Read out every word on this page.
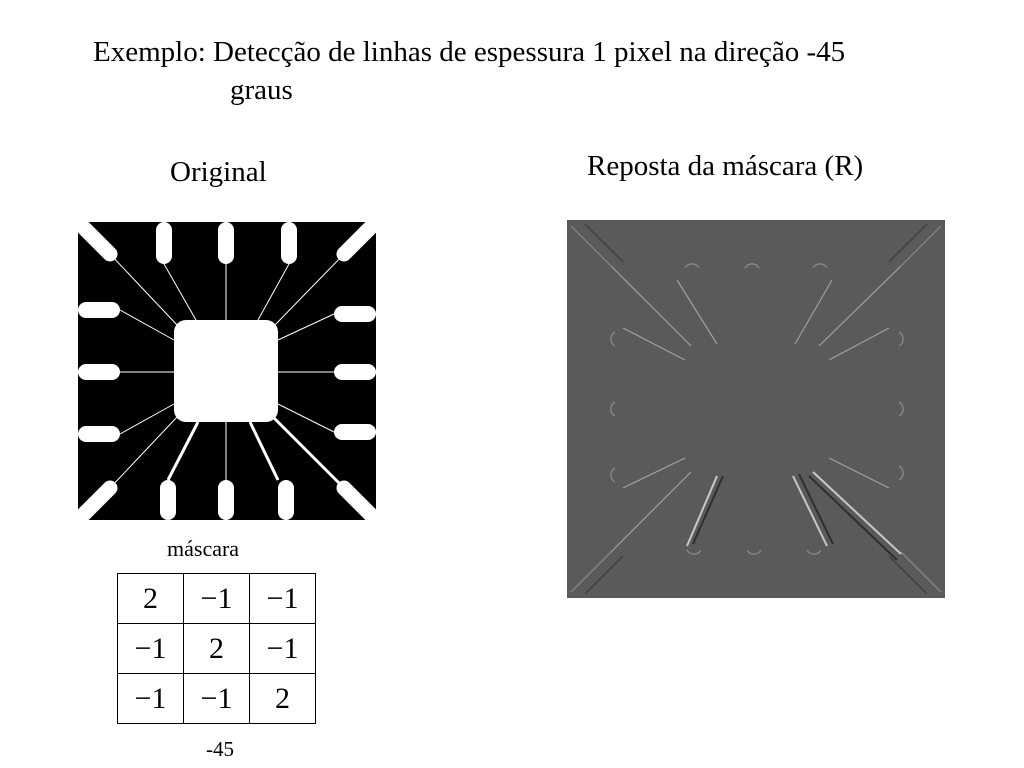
Exemplo: Detecção de linhas de espessura 1 pixel na direção -45
graus
Original	Reposta da máscara (R)
máscara
2	−1	−1
−1	2	−1
−1	−1	2
-45
